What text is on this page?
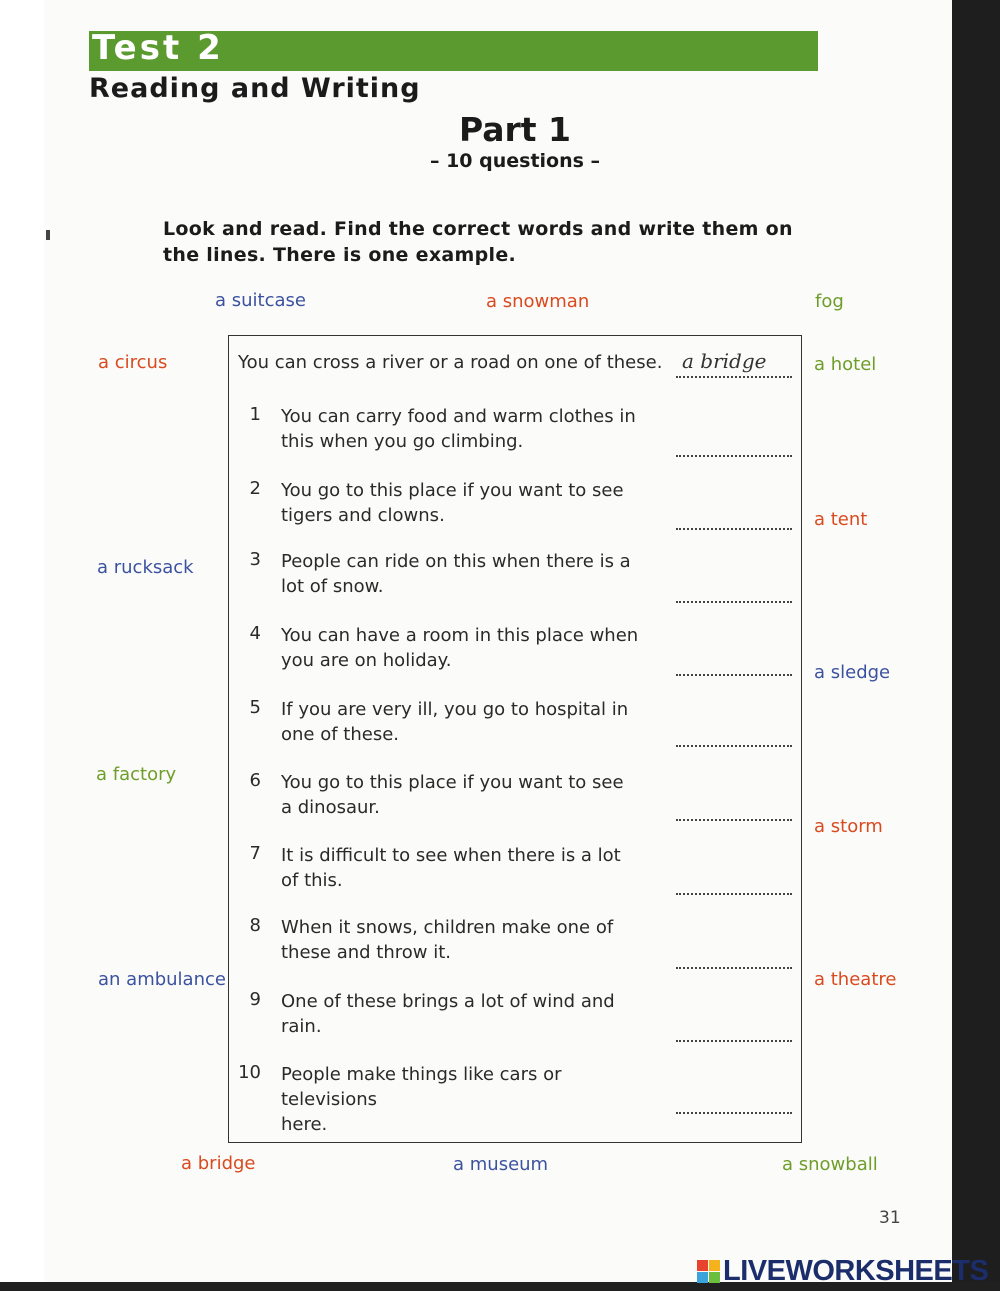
Test 2
Reading and Writing
Part 1
– 10 questions –
Look and read. Find the correct words and write them on the lines. There is one example.
a suitcase	a snowman	fog
a circus
a rucksack
a factory
an ambulance
a hotel
a tent
a sledge
a storm
a theatre
a bridge	a museum	a snowball
You can cross a river or a road on one of these. a bridge
1 You can carry food and warm clothes in
this when you go climbing.
2 You go to this place if you want to see
tigers and clowns.
3 People can ride on this when there is a
lot of snow.
4 You can have a room in this place when
you are on holiday.
5 If you are very ill, you go to hospital in
one of these.
6 You go to this place if you want to see
a dinosaur.
7 It is difficult to see when there is a lot
of this.
8 When it snows, children make one of
these and throw it.
9 One of these brings a lot of wind and
rain.
10 People make things like cars or televisions
here.
31
LIVEWORKSHEETS
